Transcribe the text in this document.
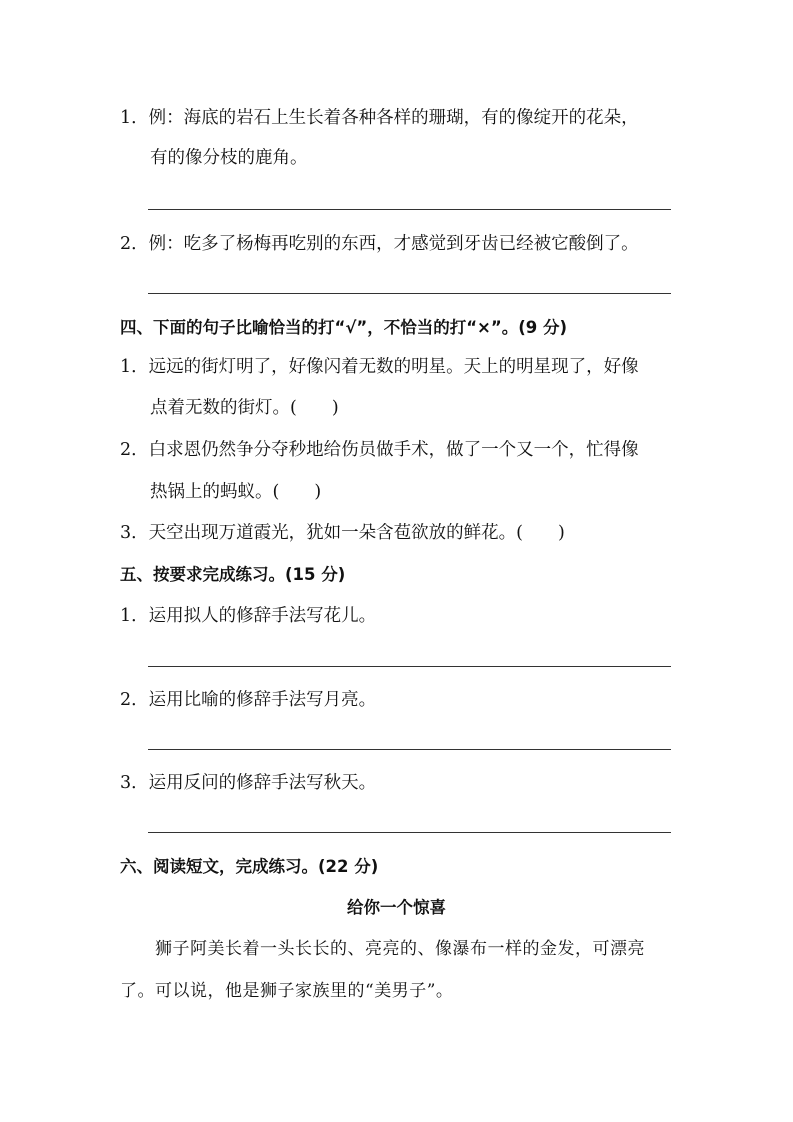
1．例：海底的岩石上生长着各种各样的珊瑚，有的像绽开的花朵，
有的像分枝的鹿角。
2．例：吃多了杨梅再吃别的东西，才感觉到牙齿已经被它酸倒了。
四、下面的句子比喻恰当的打“√”，不恰当的打“×”。(9 分)
1．远远的街灯明了，好像闪着无数的明星。天上的明星现了，好像
点着无数的街灯。(　　)
2．白求恩仍然争分夺秒地给伤员做手术，做了一个又一个，忙得像
热锅上的蚂蚁。(　　)
3．天空出现万道霞光，犹如一朵含苞欲放的鲜花。(　　)
五、按要求完成练习。(15 分)
1．运用拟人的修辞手法写花儿。
2．运用比喻的修辞手法写月亮。
3．运用反问的修辞手法写秋天。
六、阅读短文，完成练习。(22 分)
给你一个惊喜
　　狮子阿美长着一头长长的、亮亮的、像瀑布一样的金发，可漂亮
了。可以说，他是狮子家族里的“美男子”。
